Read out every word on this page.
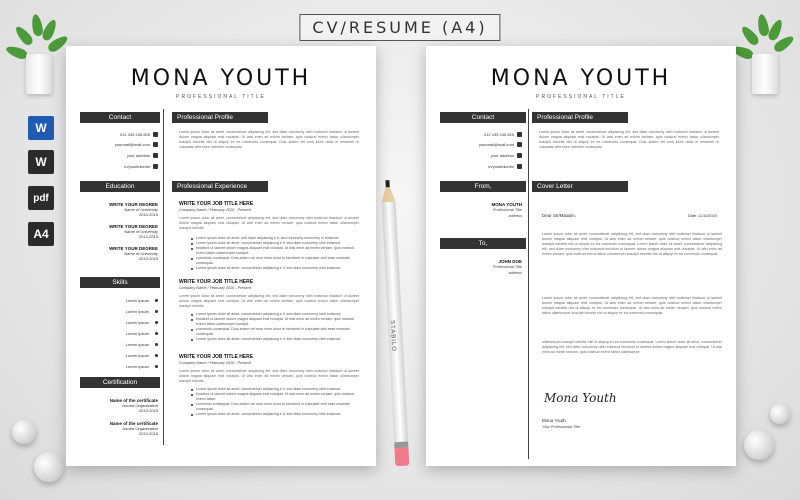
CV/RESUME (A4)
W
W
pdf
A4
STABILO
MONA YOUTH
PROFESSIONAL TITLE
Contact	Professional Profile
012 435 245 825
yourmail@mail.com
your address
in/yourlinkedin
Lorem ipsum dolor sit amet, consectetuer adipiscing elit, sed diam nonummy nibh euismod tincidunt ut laoreet dolore magna aliquam erat volutpat. Ut wisi enim ad minim veniam, quis nostrud exerci tation ullamcorper suscipit lobortis nisl ut aliquip ex ea commodo consequat. Duis autem vel eum iriure dolor in hendrerit in vulputate velit esse molestie consequat.
Education	Professional Experience
WRITE YOUR DEGREE
Name of University
2013-2015
WRITE YOUR DEGREE
Name of University
2013-2015
WRITE YOUR DEGREE
Name of University
2013-2015
WRITE YOUR JOB TITLE HERE
Company Name / February 2020 - Present
Lorem ipsum dolor sit amet, consectetuer adipiscing elit, sed diam nonummy nibh euismod tincidunt ut laoreet dolore magna aliquam erat volutpat. Ut wisi enim ad minim veniam, quis nostrud exerci tation ullamcorper suscipit lobortis.
Lorem ipsum dolor sit amet, sed diam adipiscing e it, sed nonummy nonummy ni euismod
Lorem ipsum dolor sit amet, consectetuer adipiscing e it, sed diam nonummy nibh euismod
tincidunt ut laoreet dolore magna aliquam erat volutpat. Ut wisi enim ad minim veniam, quis nostrud exerci tation ullamcorper suscipit.
commodo consequat. Duis autem vel eum iriure dolor in hendrerit in vulputate velit esse molestie consequat.
Lorem ipsum dolor sit amet, consectetuer adipiscing e it, sed diam nonummy nibh euismod
WRITE YOUR JOB TITLE HERE
Company Name / February 2020 - Present
Lorem ipsum dolor sit amet, consectetuer adipiscing elit, sed diam nonummy nibh euismod tincidunt ut laoreet dolore magna aliquam erat volutpat. Ut wisi enim ad minim veniam, quis nostrud exerci tation ullamcorper suscipit lobortis.
Lorem ipsum dolor sit amet, consectetuer adipiscing e it, sed diam nonummy nibh euismod
tincidunt ut laoreet dolore magna aliquam erat volutpat. Ut wisi enim ad minim veniam, quis nostrud exerci tation ullamcorper suscipit.
commodo consequat. Duis autem vel eum iriure dolor in hendrerit in vulputate velit esse molestie consequat.
Lorem ipsum dolor sit amet, consectetuer adipiscing e it, sed diam nonummy nibh euismod
WRITE YOUR JOB TITLE HERE
Company Name / February 2020 - Present
Lorem ipsum dolor sit amet, consectetuer adipiscing elit, sed diam nonummy nibh euismod tincidunt ut laoreet dolore magna aliquam erat volutpat. Ut wisi enim ad minim veniam, quis nostrud exerci tation ullamcorper suscipit lobortis.
Lorem ipsum dolor sit amet, consectetuer adipiscing e it, sed diam nonummy nibh euismod
tincidunt ut laoreet dolore magna aliquam erat volutpat. Ut wisi enim ad minim veniam, quis nostrud exerci tation.
commodo consequat. Duis autem vel eum iriure dolor in hendrerit in vulputate velit esse molestie consequat.
Lorem ipsum dolor sit amet, consectetuer adipiscing e it, sed diam nonummy nibh euismod
Skills
Lorem Ipsum
Lorem Ipsum
Lorem Ipsum
Lorem Ipsum
Lorem Ipsum
Lorem Ipsum
Lorem Ipsum
Certification
Name of the certificate
Issued Organization
2013-2015
Name of the certificate
Issued Organization
2013-2015
MONA YOUTH
PROFESSIONAL TITLE
Contact	Professional Profile
012 435 245 825
yourmail@mail.com
your address
in/yourlinkedin
Lorem ipsum dolor sit amet, consectetuer adipiscing elit, sed diam nonummy nibh euismod tincidunt ut laoreet dolore magna aliquam erat volutpat. Ut wisi enim ad minim veniam, quis nostrud exerci tation ullamcorper suscipit lobortis nisl ut aliquip ex ea commodo consequat. Duis autem vel eum iriure dolor in hendrerit in vulputate velit esse molestie consequat.
From,	Cover Letter
MONA YOUTH
Professional Title
address
To,
JOHN DOE
Professional Title
address
Dear Sir/Madam,	Date: 11/10/2020
Lorem ipsum dolor sit amet, consectetuer adipiscing elit, sed diam nonummy nibh euismod tincidunt ut laoreet dolore magna aliquam erat volutpat. Ut wisi enim ad minim veniam, quis nostrud exerci tation ullamcorper suscipit lobortis nisl ut aliquip ex ea commodo consequat. Lorem ipsum dolor sit amet, consectetuer adipiscing elit, sed diam nonummy nibh euismod tincidunt ut laoreet dolore magna aliquam erat volutpat. Ut wisi enim ad minim veniam, quis nostrud exerci tation ullamcorper suscipit lobortis nisl ut aliquip ex ea commodo consequat.
Lorem ipsum dolor sit amet, consectetuer adipiscing elit, sed diam nonummy nibh euismod tincidunt ut laoreet dolore magna aliquam erat volutpat. Ut wisi enim ad minim veniam, quis nostrud exerci tation ullamcorper suscipit lobortis nisl ut aliquip ex ea commodo consequat. Ut wisi enim ad minim veniam, quis nostrud exerci tation ullamcorper suscipit lobortis nisl ut aliquip ex ea commodo consequat.
ullamcorper suscipit lobortis nisl ut aliquip ex ea commodo consequat. Lorem ipsum dolor sit amet, consectetuer adipiscing elit, sed diam nonummy nibh euismod tincidunt ut laoreet dolore magna aliquam erat volutpat. Ut wisi enim ad minim veniam, quis nostrud exerci tation ullamcorper.
Mona Youth
Mona Youth
Your Professional Title
